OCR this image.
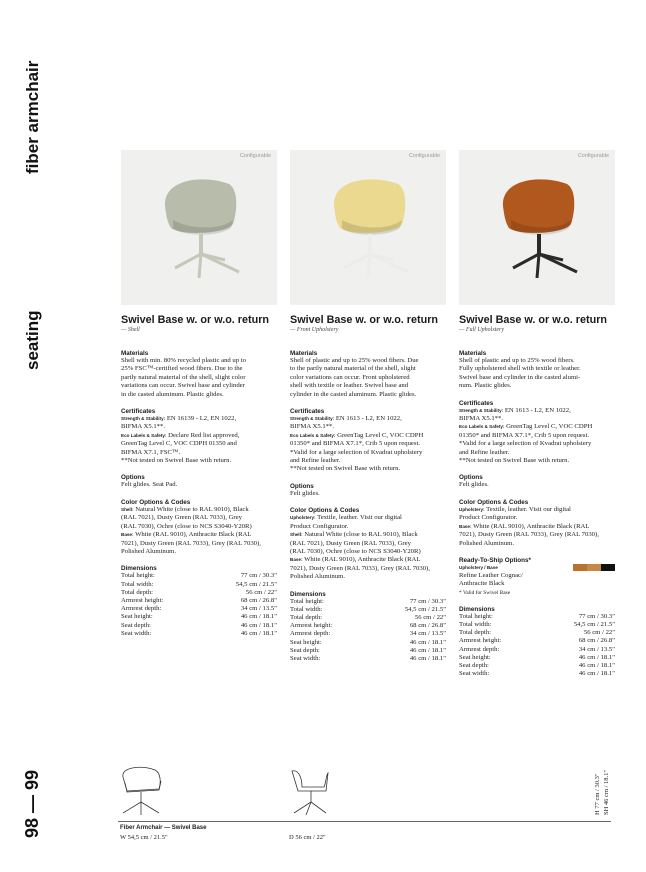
fiber armchair
seating
98 — 99
Configurable
Swivel Base w. or w.o. return
— Shell
Materials
Shell with min. 80% recycled plastic and up to
25% FSC™-certified wood fibers. Due to the
partly natural material of the shell, slight color
variations can occur. Swivel base and cylinder
in die casted aluminum. Plastic glides.
Certificates
Strength & Stability: EN 16139 - L2, EN 1022,
BIFMA X5.1**.
Eco Labels & Safety: Declare Red list approved,
GreenTag Level C, VOC CDPH 01350 and
BIFMA X7.1, FSC™.
**Not tested on Swivel Base with return.
Options
Felt glides. Seat Pad.
Color Options & Codes
Shell: Natural White (close to RAL 9010), Black
(RAL 7021), Dusty Green (RAL 7033), Grey
(RAL 7030), Ochre (close to NCS S3040-Y20R)
Base: White (RAL 9010), Anthracite Black (RAL
7021), Dusty Green (RAL 7033), Grey (RAL 7030),
Polished Aluminum.
Dimensions
Total height:	77 cm / 30.3"
Total width:	54,5 cm / 21.5"
Total depth:	56 cm / 22"
Armrest height:	68 cm / 26.8"
Armrest depth:	34 cm / 13.5"
Seat height:	46 cm / 18.1"
Seat depth:	46 cm / 18.1"
Seat width:	46 cm / 18.1"
Configurable
Swivel Base w. or w.o. return
— Front Upholstery
Materials
Shell of plastic and up to 25% wood fibers. Due
to the partly natural material of the shell, slight
color variations can occur. Front upholstered
shell with textile or leather. Swivel base and
cylinder in die casted aluminum. Plastic glides.
Certificates
Strength & Stability: EN 1613 - L2, EN 1022,
BIFMA X5.1**.
Eco Labels & Safety: GreenTag Level C, VOC CDPH
01350* and BIFMA X7.1*, Crib 5 upon request.
*Valid for a large selection of Kvadrat upholstery
and Refine leather.
**Not tested on Swivel Base with return.
Options
Felt glides.
Color Options & Codes
Upholstery: Textile, leather. Visit our digital
Product Configurator.
Shell: Natural White (close to RAL 9010), Black
(RAL 7021), Dusty Green (RAL 7033), Grey
(RAL 7030), Ochre (close to NCS S3040-Y20R)
Base: White (RAL 9010), Anthracite Black (RAL
7021), Dusty Green (RAL 7033), Grey (RAL 7030),
Polished Aluminum.
Dimensions
Total height:	77 cm / 30.3"
Total width:	54,5 cm / 21.5"
Total depth:	56 cm / 22"
Armrest height:	68 cm / 26.8"
Armrest depth:	34 cm / 13.5"
Seat height:	46 cm / 18.1"
Seat depth:	46 cm / 18.1"
Seat width:	46 cm / 18.1"
Configurable
Swivel Base w. or w.o. return
— Full Upholstery
Materials
Shell of plastic and up to 25% wood fibers.
Fully upholstered shell with textile or leather.
Swivel base and cylinder in die casted alumi-
num. Plastic glides.
Certificates
Strength & Stability: EN 1613 - L2, EN 1022,
BIFMA X5.1**.
Eco Labels & Safety: GreenTag Level C, VOC CDPH
01350* and BIFMA X7.1*, Crib 5 upon request.
*Valid for a large selection of Kvadrat upholstery
and Refine leather.
**Not tested on Swivel Base with return.
Options
Felt glides.
Color Options & Codes
Upholstery: Textile, leather. Visit our digital
Product Configurator.
Base: White (RAL 9010), Anthracite Black (RAL
7021), Dusty Green (RAL 7033), Grey (RAL 7030),
Polished Aluminum.
Ready-To-Ship Options*
Upholstery / Base
Refine Leather Cognac/
Anthracite Black
* Valid for Swivel Base
Dimensions
Total height:	77 cm / 30.3"
Total width:	54,5 cm / 21.5"
Total depth:	56 cm / 22"
Armrest height:	68 cm / 26.8"
Armrest depth:	34 cm / 13.5"
Seat height:	46 cm / 18.1"
Seat depth:	46 cm / 18.1"
Seat width:	46 cm / 18.1"
Fiber Armchair — Swivel Base
W 54,5 cm / 21.5"	D 56 cm / 22"
H 77 cm / 30.3" SH 46 cm / 18.1"
